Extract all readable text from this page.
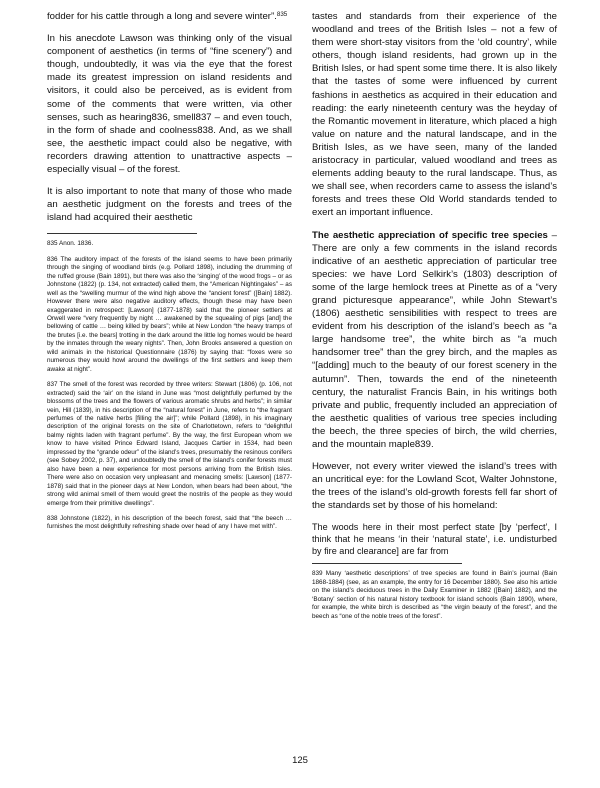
fodder for his cattle through a long and severe winter”.$^{835}$

In his anecdote Lawson was thinking only of the visual component of aesthetics (in terms of “fine scenery”) and though, undoubtedly, it was via the eye that the forest made its greatest impression on island residents and visitors, it could also be perceived, as is evident from some of the comments that were written, via other senses, such as hearing836, smell837 – and even touch, in the form of shade and coolness838. And, as we shall see, the aesthetic impact could also be negative, with recorders drawing attention to unattractive aspects – especially visual – of the forest.

It is also important to note that many of those who made an aesthetic judgment on the forests and trees of the island had acquired their aesthetic

835 Anon. 1836.

836 The auditory impact of the forests of the island seems to have been primarily through the singing of woodland birds (e.g. Pollard 1898), including the drumming of the ruffed grouse (Bain 1891), but there was also the ‘singing’ of the wood frogs – or as Johnstone (1822) (p. 134, not extracted) called them, the “American Nightingales” – as well as the “swelling murmur of the wind high above the “ancient forest” ([Bain] 1882). However there were also negative auditory effects, though these may have been exaggerated in retrospect: [Lawson] (1877-1878) said that the pioneer settlers at Orwell were “very frequently by night … awakened by the squealing of pigs [and] the bellowing of cattle … being killed by bears”; while at New London “the heavy tramps of the brutes [i.e. the bears] trotting in the dark around the little log homes would be heard by the inmates through the weary nights”. Then, John Brooks answered a question on wild animals in the historical Questionnaire (1876) by saying that: “foxes were so numerous they would howl around the dwellings of the first settlers and keep them awake at night”.

837 The smell of the forest was recorded by three writers: Stewart (1806) (p. 106, not extracted) said the ‘air’ on the island in June was “most delightfully perfumed by the blossoms of the trees and the flowers of various aromatic shrubs and herbs”; in similar vein, Hill (1839), in his description of the “natural forest” in June, refers to “the fragrant perfumes of the native herbs [filling the air]”; while Pollard (1898), in his imaginary description of the original forests on the site of Charlottetown, refers to “delightful balmy nights laden with fragrant perfume”. By the way, the first European whom we know to have visited Prince Edward Island, Jacques Cartier in 1534, had been impressed by the “grande odeur” of the island’s trees, presumably the resinous conifers (see Sobey 2002, p. 37), and undoubtedly the smell of the island’s conifer forests must also have been a new experience for most persons arriving from the British Isles. There were also on occasion very unpleasant and menacing smells: [Lawson] (1877-1878) said that in the pioneer days at New London, when bears had been about, “the strong wild animal smell of them would greet the nostrils of the people as they would emerge from their primitive dwellings”.

838 Johnstone (1822), in his description of the beech forest, said that “the beech … furnishes the most delightfully refreshing shade over head of any I have met with”.

tastes and standards from their experience of the woodland and trees of the British Isles – not a few of them were short-stay visitors from the ‘old country’, while others, though island residents, had grown up in the British Isles, or had spent some time there. It is also likely that the tastes of some were influenced by current fashions in aesthetics as acquired in their education and reading: the early nineteenth century was the heyday of the Romantic movement in literature, which placed a high value on nature and the natural landscape, and in the British Isles, as we have seen, many of the landed aristocracy in particular, valued woodland and trees as elements adding beauty to the rural landscape. Thus, as we shall see, when recorders came to assess the island’s forests and trees these Old World standards tended to exert an important influence.

The aesthetic appreciation of specific tree species – There are only a few comments in the island records indicative of an aesthetic appreciation of particular tree species: we have Lord Selkirk’s (1803) description of some of the large hemlock trees at Pinette as of a “very grand picturesque appearance”, while John Stewart’s (1806) aesthetic sensibilities with respect to trees are evident from his description of the island’s beech as “a large handsome tree”, the white birch as “a much handsomer tree” than the grey birch, and the maples as “[adding] much to the beauty of our forest scenery in the autumn”. Then, towards the end of the nineteenth century, the naturalist Francis Bain, in his writings both private and public, frequently included an appreciation of the aesthetic qualities of various tree species including the beech, the three species of birch, the wild cherries, and the mountain maple839.

However, not every writer viewed the island’s trees with an uncritical eye: for the Lowland Scot, Walter Johnstone, the trees of the island’s old-growth forests fell far short of the standards set by those of his homeland:

The woods here in their most perfect state [by ‘perfect’, I think that he means ‘in their ‘natural state’, i.e. undisturbed by fire and clearance] are far from

839 Many ‘aesthetic descriptions’ of tree species are found in Bain’s journal (Bain 1868-1884) (see, as an example, the entry for 16 December 1880). See also his article on the island’s deciduous trees in the Daily Examiner in 1882 ([Bain] 1882), and the ‘Botany’ section of his natural history textbook for island schools (Bain 1890), where, for example, the white birch is described as “the virgin beauty of the forest”, and the beech as “one of the noble trees of the forest”.

125
